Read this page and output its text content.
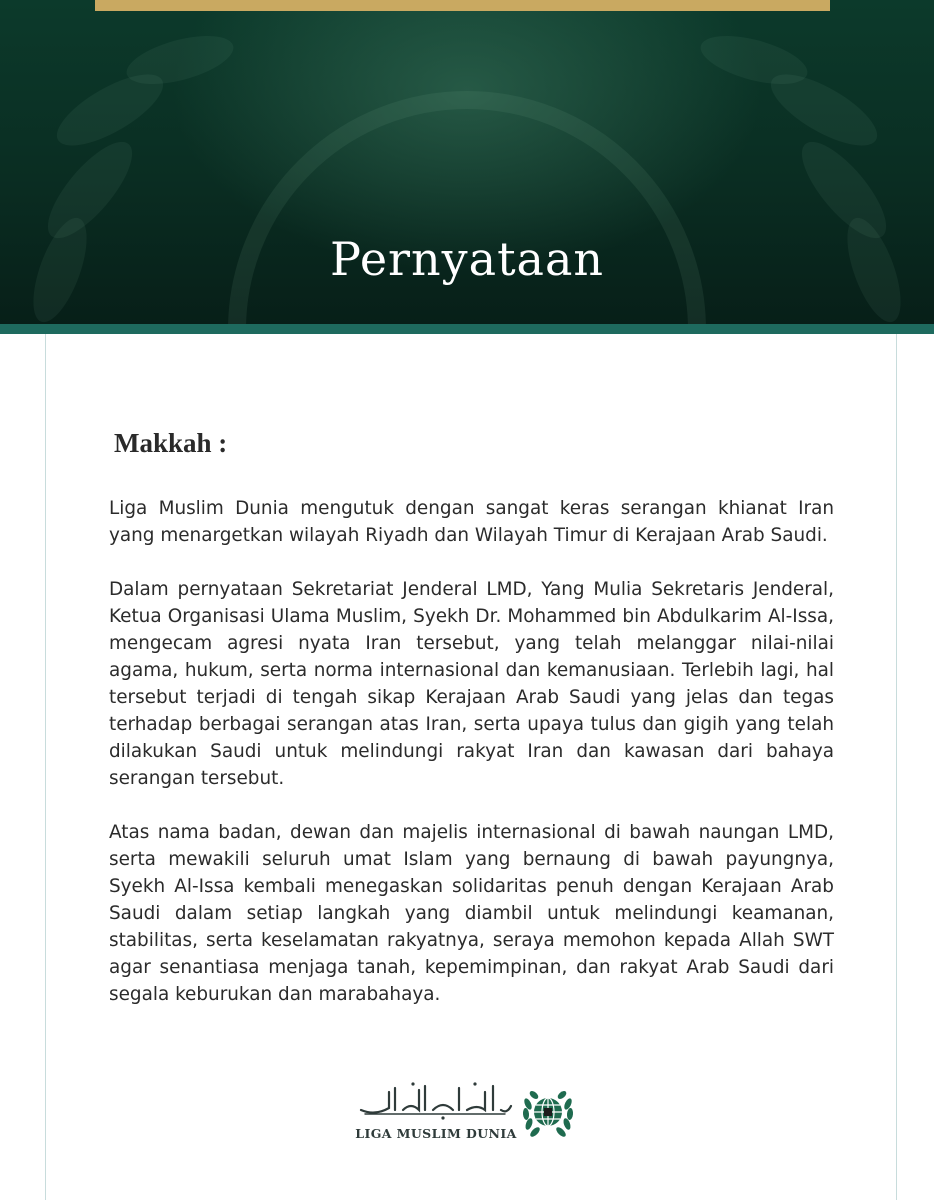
Pernyataan
Makkah :

Liga Muslim Dunia mengutuk dengan sangat keras serangan khianat Iran yang menargetkan wilayah Riyadh dan Wilayah Timur di Kerajaan Arab Saudi.

Dalam pernyataan Sekretariat Jenderal LMD, Yang Mulia Sekretaris Jenderal, Ketua Organisasi Ulama Muslim, Syekh Dr. Mohammed bin Abdulkarim Al-Issa, mengecam agresi nyata Iran tersebut, yang telah melanggar nilai-nilai agama, hukum, serta norma internasional dan kemanusiaan. Terlebih lagi, hal tersebut terjadi di tengah sikap Kerajaan Arab Saudi yang jelas dan tegas terhadap berbagai serangan atas Iran, serta upaya tulus dan gigih yang telah dilakukan Saudi untuk melindungi rakyat Iran dan kawasan dari bahaya serangan tersebut.

Atas nama badan, dewan dan majelis internasional di bawah naungan LMD, serta mewakili seluruh umat Islam yang bernaung di bawah payungnya, Syekh Al-Issa kembali menegaskan solidaritas penuh dengan Kerajaan Arab Saudi dalam setiap langkah yang diambil untuk melindungi keamanan, stabilitas, serta keselamatan rakyatnya, seraya memohon kepada Allah SWT agar senantiasa menjaga tanah, kepemimpinan, dan rakyat Arab Saudi dari segala keburukan dan marabahaya.

LIGA MUSLIM DUNIA
